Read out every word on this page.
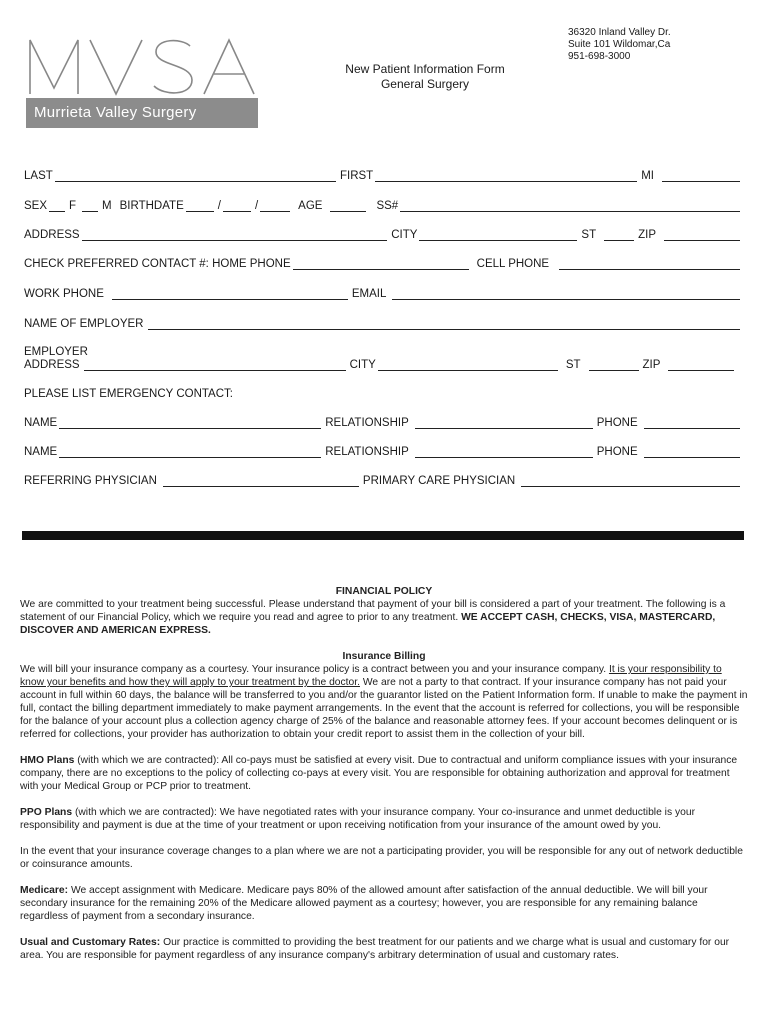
Murrieta Valley Surgery Associates
36320 Inland Valley Dr.
Suite 101 Wildomar,Ca
951-698-3000
New Patient Information Form
General Surgery
LAST	FIRST	MI
SEX F M BIRTHDATE	/	/	AGE	SS#
ADDRESS	CITY	ST	ZIP
CHECK PREFERRED CONTACT #: HOME PHONE	CELL PHONE
WORK PHONE	EMAIL
NAME OF EMPLOYER
EMPLOYER
ADDRESS	CITY	ST	ZIP
PLEASE LIST EMERGENCY CONTACT:
NAME	RELATIONSHIP	PHONE
NAME	RELATIONSHIP	PHONE
REFERRING PHYSICIAN	PRIMARY CARE PHYSICIAN
FINANCIAL POLICY

We are committed to your treatment being successful. Please understand that payment of your bill is considered a part of your treatment. The following is a statement of our Financial Policy, which we require you read and agree to prior to any treatment. WE ACCEPT CASH, CHECKS, VISA, MASTERCARD, DISCOVER AND AMERICAN EXPRESS.

Insurance Billing

We will bill your insurance company as a courtesy. Your insurance policy is a contract between you and your insurance company. It is your responsibility to know your benefits and how they will apply to your treatment by the doctor. We are not a party to that contract. If your insurance company has not paid your account in full within 60 days, the balance will be transferred to you and/or the guarantor listed on the Patient Information form. If unable to make the payment in full, contact the billing department immediately to make payment arrangements. In the event that the account is referred for collections, you will be responsible for the balance of your account plus a collection agency charge of 25% of the balance and reasonable attorney fees. If your account becomes delinquent or is referred for collections, your provider has authorization to obtain your credit report to assist them in the collection of your bill.

HMO Plans (with which we are contracted): All co-pays must be satisfied at every visit. Due to contractual and uniform compliance issues with your insurance company, there are no exceptions to the policy of collecting co-pays at every visit. You are responsible for obtaining authorization and approval for treatment with your Medical Group or PCP prior to treatment.

PPO Plans (with which we are contracted): We have negotiated rates with your insurance company. Your co-insurance and unmet deductible is your responsibility and payment is due at the time of your treatment or upon receiving notification from your insurance of the amount owed by you.

In the event that your insurance coverage changes to a plan where we are not a participating provider, you will be responsible for any out of network deductible or coinsurance amounts.

Medicare: We accept assignment with Medicare. Medicare pays 80% of the allowed amount after satisfaction of the annual deductible. We will bill your secondary insurance for the remaining 20% of the Medicare allowed payment as a courtesy; however, you are responsible for any remaining balance regardless of payment from a secondary insurance.

Usual and Customary Rates: Our practice is committed to providing the best treatment for our patients and we charge what is usual and customary for our area. You are responsible for payment regardless of any insurance company's arbitrary determination of usual and customary rates.
